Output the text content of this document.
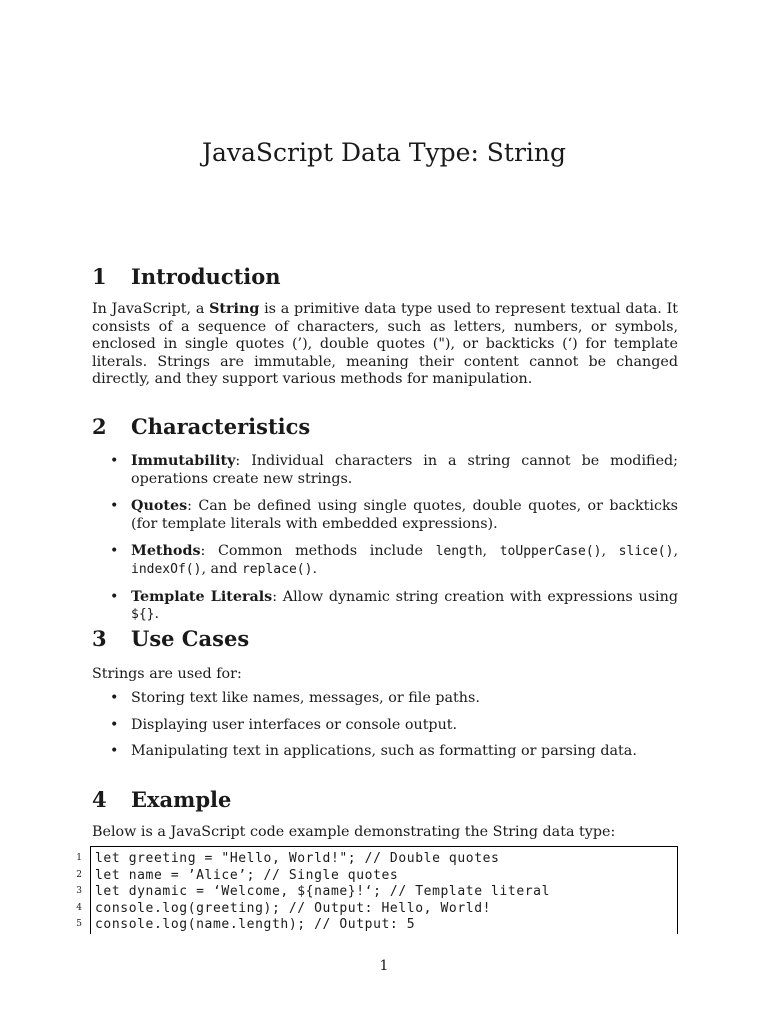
JavaScript Data Type: String
1	Introduction

In JavaScript, a String is a primitive data type used to represent textual data. It consists of a sequence of characters, such as letters, numbers, or symbols, enclosed in single quotes (’), double quotes ("), or backticks (‘) for template literals. Strings are immutable, meaning their content cannot be changed directly, and they support various methods for manipulation.

2	Characteristics
• Immutability: Individual characters in a string cannot be modified; operations create new strings.
• Quotes: Can be defined using single quotes, double quotes, or backticks (for template literals with embedded expressions).
• Methods: Common methods include length, toUpperCase(), slice(), indexOf(), and replace().
• Template Literals: Allow dynamic string creation with expressions using ${}.
3	Use Cases

Strings are used for:

• Storing text like names, messages, or file paths.
• Displaying user interfaces or console output.
• Manipulating text in applications, such as formatting or parsing data.
4	Example

Below is a JavaScript code example demonstrating the String data type:

1
2
3
4
5
let greeting = "Hello, World!"; // Double quotes
let name = ’Alice’; // Single quotes
let dynamic = ‘Welcome, ${name}!‘; // Template literal
console.log(greeting); // Output: Hello, World!
console.log(name.length); // Output: 5
1
